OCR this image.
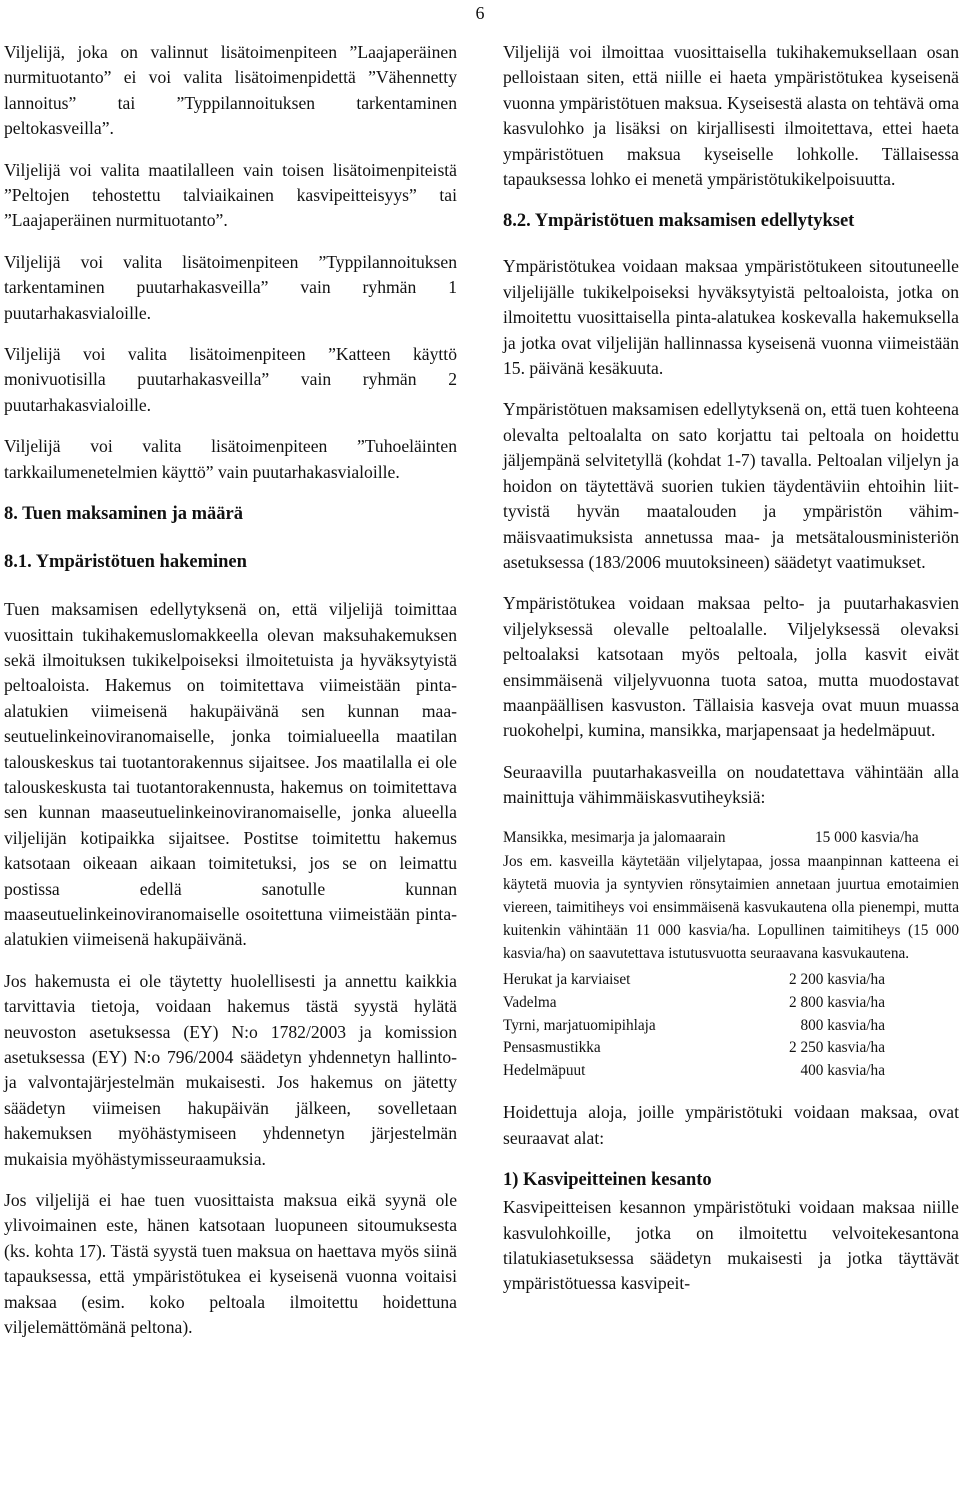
6

Viljelijä, joka on valinnut lisätoimenpiteen ”Laajaperäinen nurmituotanto” ei voi valita lisätoimenpidettä ”Vähennetty lannoitus” tai ”Typpilannoituksen tarkentaminen peltokasveilla”.

Viljelijä voi valita maatilalleen vain toisen lisätoimenpiteistä ”Peltojen tehostettu talviaikainen kasvipeitteisyys” tai ”Laajaperäinen nurmituotanto”.

Viljelijä voi valita lisätoimenpiteen ”Typpilannoituksen tarkentaminen puutarhakasveilla” vain ryhmän 1 puutarhakasvialoille.

Viljelijä voi valita lisätoimenpiteen ”Katteen käyttö monivuotisilla puutarhakasveilla” vain ryhmän 2 puutarhakasvialoille.

Viljelijä voi valita lisätoimenpiteen ”Tuhoeläinten tarkkailumenetelmien käyttö” vain puutarhakasvialoille.

8. Tuen maksaminen ja määrä
8.1. Ympäristötuen hakeminen

Tuen maksamisen edellytyksenä on, että viljelijä toimittaa vuosittain tukihakemuslomakkeella olevan maksuhakemuksen sekä ilmoituksen tukikelpoiseksi ilmoitetuista ja hyväksytyistä peltoaloista. Hakemus on toimitettava viimeistään pintaalatukien viimeisenä hakupäivänä sen kunnan maaseutuelinkeinoviranomaiselle, jonka toimialueella maatilan talouskeskus tai tuotantorakennus sijaitsee. Jos maatilalla ei ole talouskeskusta tai tuotantorakennusta, hakemus on toimitettava sen kunnan maaseutuelinkeinoviranomaiselle, jonka alueella viljelijän kotipaikka sijaitsee. Postitse toimitettu hakemus katsotaan oikeaan aikaan toimitetuksi, jos se on leimattu postissa edellä sanotulle kunnan maaseutuelinkeinoviranomaiselle osoitettuna viimeistään pinta-alatukien viimeisenä hakupäivänä.

Jos hakemusta ei ole täytetty huolellisesti ja annettu kaikkia tarvittavia tietoja, voidaan hakemus tästä syystä hylätä neuvoston asetuksessa (EY) N:o 1782/2003 ja komission asetuksessa (EY) N:o 796/2004 säädetyn yhdennetyn hallinto- ja valvontajärjestelmän mukaisesti. Jos hakemus on jätetty säädetyn viimeisen hakupäivän jälkeen, sovelletaan hakemuksen myöhästymiseen yhdennetyn järjestelmän mukaisia myöhästymisseuraamuksia.

Jos viljelijä ei hae tuen vuosittaista maksua eikä syynä ole ylivoimainen este, hänen katsotaan luopuneen sitoumuksesta (ks. kohta 17). Tästä syystä tuen maksua on haettava myös siinä tapauksessa, että ympäristötukea ei kyseisenä vuonna voitaisi maksaa (esim. koko peltoala ilmoitettu hoidettuna viljelemättömänä peltona).

Viljelijä voi ilmoittaa vuosittaisella tukihakemuksellaan osan pelloistaan siten, että niille ei haeta ympäristötukea kyseisenä vuonna ympäristötuen maksua. Kyseisestä alasta on tehtävä oma kasvulohko ja lisäksi on kirjallisesti ilmoitettava, ettei haeta ympäristötuen maksua kyseiselle lohkolle. Tällaisessa tapauksessa lohko ei menetä ympäristötukikelpoisuutta.

8.2. Ympäristötuen maksamisen edellytykset

Ympäristötukea voidaan maksaa ympäristötukeen sitoutuneelle viljelijälle tukikelpoiseksi hyväksytyistä peltoaloista, jotka on ilmoitettu vuosittaisella pinta-alatukea koskevalla hakemuksella ja jotka ovat viljelijän hallinnassa kyseisenä vuonna viimeistään 15. päivänä kesäkuuta.

Ympäristötuen maksamisen edellytyksenä on, että tuen kohteena olevalta peltoalalta on sato korjattu tai peltoala on hoidettu jäljempänä selvitetyllä (kohdat 1-7) tavalla. Peltoalan viljelyn ja hoidon on täytettävä suorien tukien täydentäviin ehtoihin liittyvistä hyvän maatalouden ja ympäristön vähimmäisvaatimuksista annetussa maa- ja metsätalousministeriön asetuksessa (183/2006 muutoksineen) säädetyt vaatimukset.

Ympäristötukea voidaan maksaa pelto- ja puutarhakasvien viljelyksessä olevalle peltoalalle. Viljelyksessä olevaksi peltoalaksi katsotaan myös peltoala, jolla kasvit eivät ensimmäisenä viljelyvuonna tuota satoa, mutta muodostavat maanpäällisen kasvuston. Tällaisia kasveja ovat muun muassa ruokohelpi, kumina, mansikka, marjapensaat ja hedelmäpuut.

Seuraavilla puutarhakasveilla on noudatettava vähintään alla mainittuja vähimmäiskasvutiheyksiä:

Mansikka, mesimarja ja jalomaarain	15 000 kasvia/ha
Jos em. kasveilla käytetään viljelytapaa, jossa maanpinnan katteena ei käytetä muovia ja syntyvien rönsytaimien annetaan juurtua emotaimien viereen, taimitiheys voi ensimmäisenä kasvukautena olla pienempi, mutta kuitenkin vähintään 11 000 kasvia/ha. Lopullinen taimitiheys (15 000 kasvia/ha) on saavutettava istutusvuotta seuraavana kasvukautena.
Herukat ja karviaiset	2 200 kasvia/ha
Vadelma	2 800 kasvia/ha
Tyrni, marjatuomipihlaja	800 kasvia/ha
Pensasmustikka	2 250 kasvia/ha
Hedelmäpuut	400 kasvia/ha

Hoidettuja aloja, joille ympäristötuki voidaan maksaa, ovat seuraavat alat:

1) Kasvipeitteinen kesanto

Kasvipeitteisen kesannon ympäristötuki voidaan maksaa niille kasvulohkoille, jotka on ilmoitettu velvoitekesantona tilatukiasetuksessa säädetyn mukaisesti ja jotka täyttävät ympäristötuessa kasvipeit-
